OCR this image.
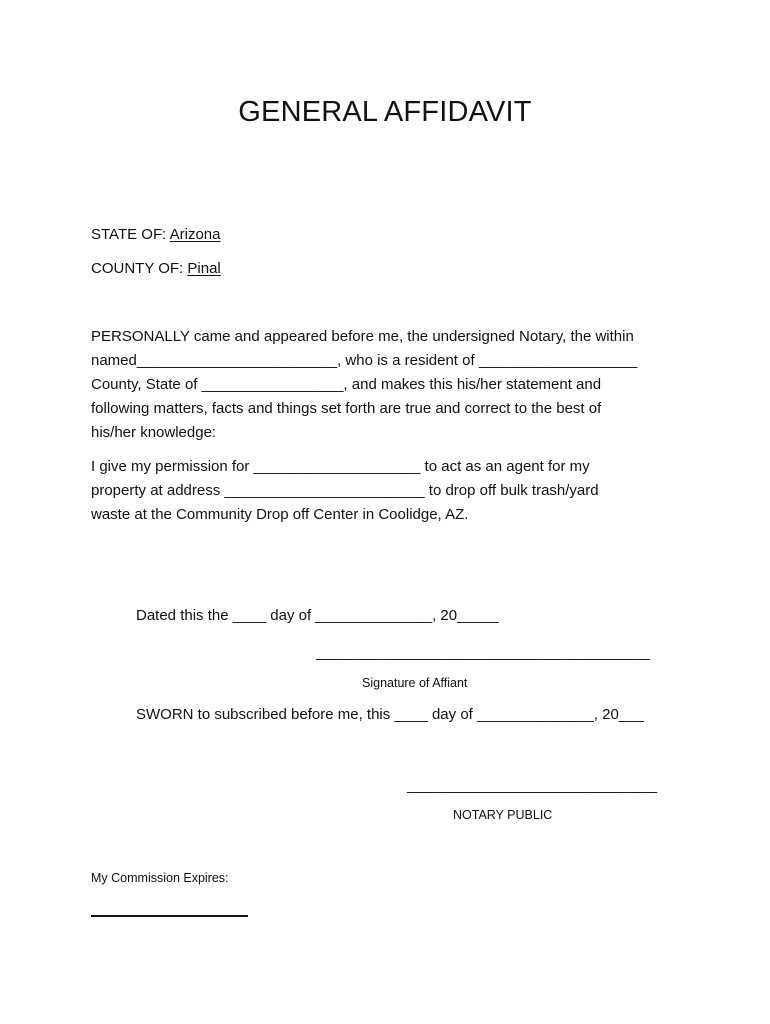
GENERAL AFFIDAVIT
STATE OF: Arizona
COUNTY OF: Pinal
PERSONALLY came and appeared before me, the undersigned Notary, the within
named________________________, who is a resident of ___________________
County, State of _________________, and makes this his/her statement and
following matters, facts and things set forth are true and correct to the best of
his/her knowledge:
I give my permission for ____________________ to act as an agent for my
property at address ________________________ to drop off bulk trash/yard
waste at the Community Drop off Center in Coolidge, AZ.
Dated this the ____ day of ______________, 20_____
________________________________________
Signature of Affiant
SWORN to subscribed before me, this ____ day of ______________, 20___
______________________________
NOTARY PUBLIC
My Commission Expires:
